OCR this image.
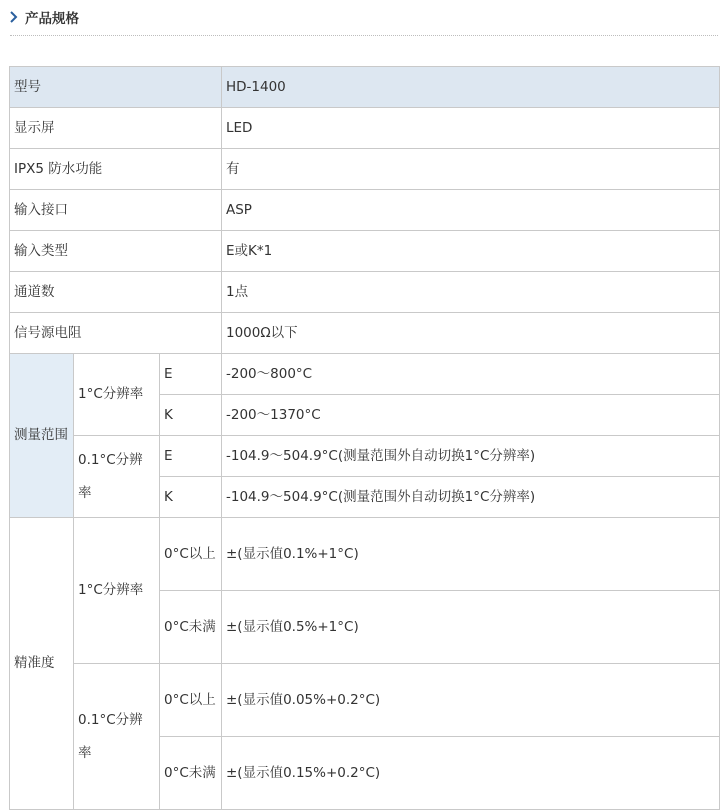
产品规格
型号			HD-1400
显示屏			LED
IPX5 防水功能			有
输入接口			ASP
输入类型			E或K*1
通道数			1点
信号源电阻			1000Ω以下
测量范围	1°C分辨率	E	-200～800°C
		K	-200～1370°C
	0.1°C分辨率	E	-104.9～504.9°C(测量范围外自动切换1°C分辨率)
		K	-104.9～504.9°C(测量范围外自动切换1°C分辨率)
精准度	1°C分辨率	0°C以上	±(显示值0.1%+1°C)
		0°C未满	±(显示值0.5%+1°C)
	0.1°C分辨率	0°C以上	±(显示值0.05%+0.2°C)
		0°C未满	±(显示值0.15%+0.2°C)
